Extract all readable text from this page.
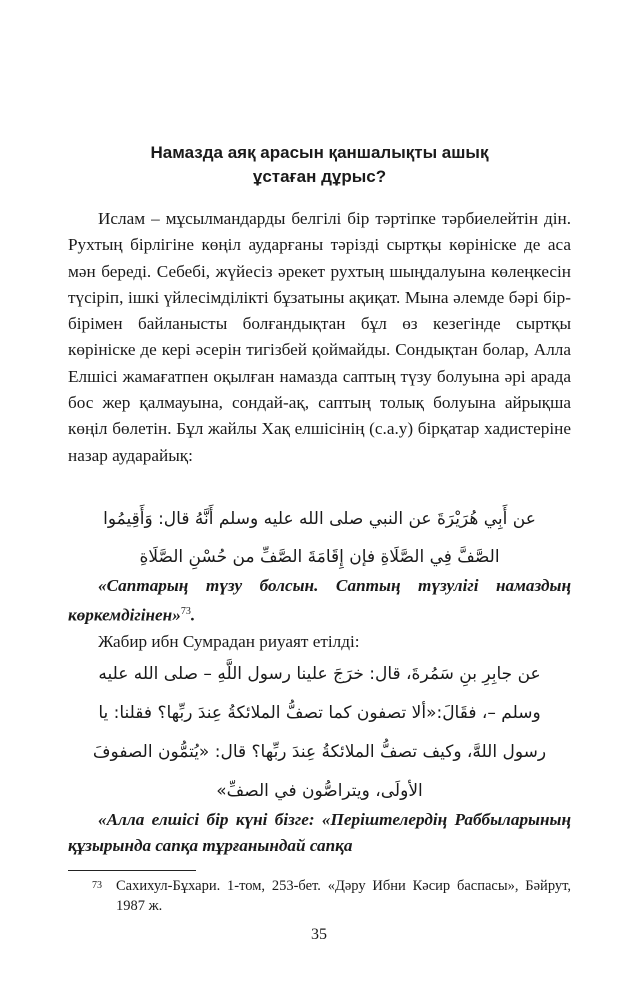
Намазда аяқ арасын қаншалықты ашық
ұстаған дұрыс?

Ислам – мұсылмандарды белгілі бір тәртіпке тәрбиелейтін дін. Рухтың бірлігіне көңіл аударғаны тәрізді сыртқы көрініске де аса мән береді. Себебі, жүйесіз әрекет рухтың шыңдалуына көлеңкесін түсіріп, ішкі үйлесімділікті бұзатыны ақиқат. Мына әлемде бәрі бір-бірімен байланысты болғандықтан бұл өз кезегінде сыртқы көрініске де кері әсерін тигізбей қоймайды. Сондықтан болар, Алла Елшісі жамағатпен оқылған намазда саптың түзу болуына әрі арада бос жер қалмауына, сондай-ақ, саптың толық болуына айрықша көңіл бөлетін. Бұл жайлы Хақ елшісінің (с.а.у) бірқатар хадистеріне назар аударайық:

عن أَبِي هُرَيْرَةَ عن النبي صلى الله عليه وسلم أَنَّهُ قال: وَأَقِيمُوا
الصَّفَّ فِي الصَّلَاةِ فإن إِقَامَةَ الصَّفِّ من حُسْنِ الصَّلَاةِ

«Саптарың түзу болсын. Саптың түзулігі намаздың көркемдігінен»$^{73}$.

Жабир ибн Сумрадан риуаят етілді:

عن جابِرِ بنِ سَمُرةَ، قال: خرَجَ علينا رسول اللَّهِ – صلى الله عليه
وسلم –، فقَالَ:«ألا تصفون كما تصفُّ الملائكةُ عِندَ ربِّها؟ فقلنا: يا
رسول اللهَّ، وكيف تصفُّ الملائكةُ عِندَ ربِّها؟ قال: «يُتمُّون الصفوفَ
الأولَى، ويتراصُّون في الصفِّ»

«Алла елшісі бір күні бізге: «Періштелердің Раббыларының құзырында сапқа тұрғанындай сапқа

73 Сахихул-Бұхари. 1-том, 253-бет. «Дәру Ибни Кәсир баспасы», Бәйрут, 1987 ж.
35
